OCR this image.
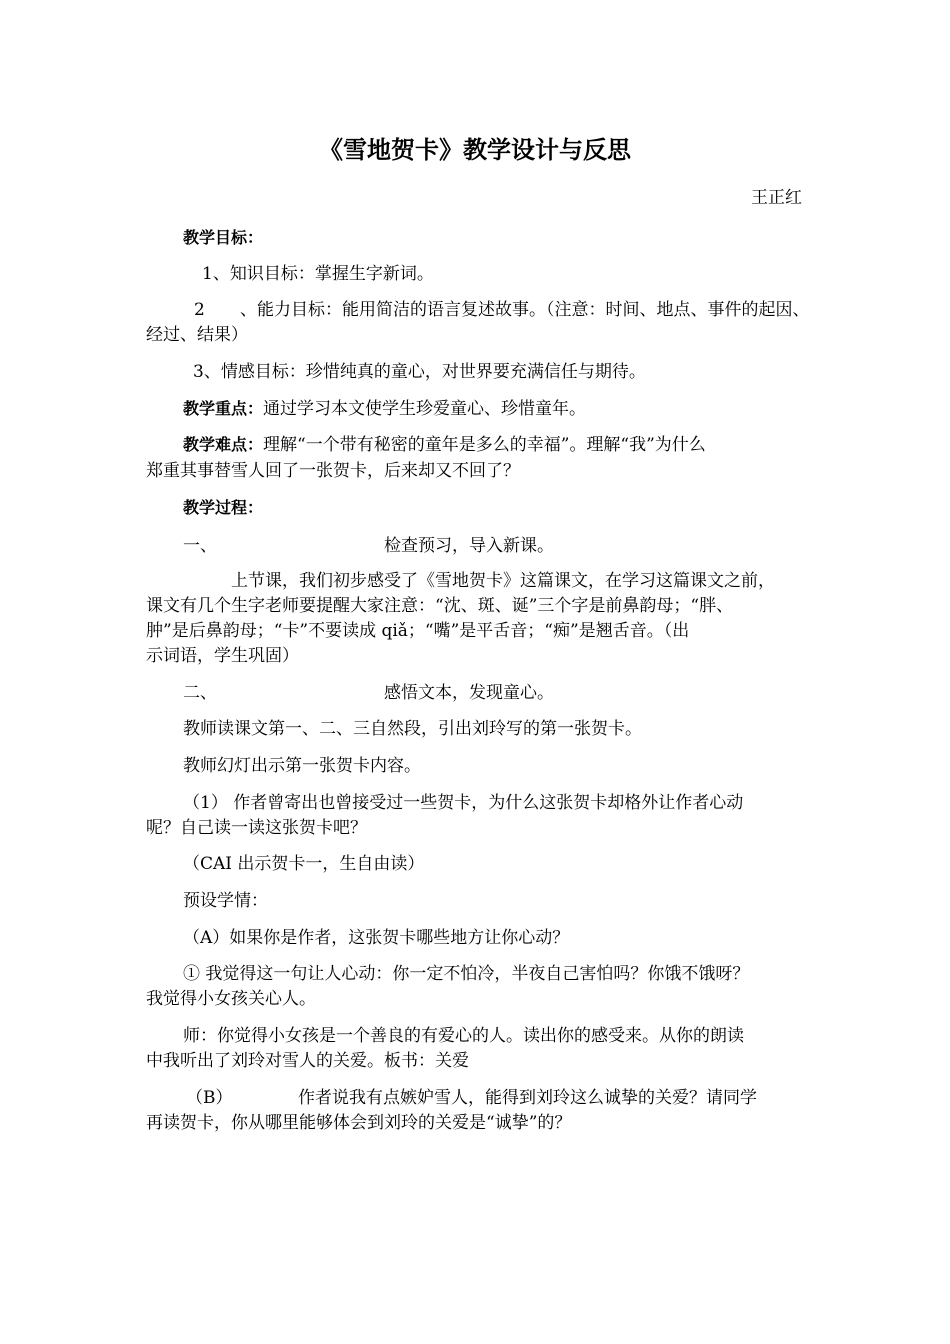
《雪地贺卡》教学设计与反思
王正红
教学目标：
1、知识目标：掌握生字新词。
2 、能力目标：能用简洁的语言复述故事。（注意：时间、地点、事件的起因、
经过、结果）
3、情感目标：珍惜纯真的童心，对世界要充满信任与期待。
教学重点：通过学习本文使学生珍爱童心、珍惜童年。
教学难点：理解“一个带有秘密的童年是多么的幸福”。理解“我”为什么
郑重其事替雪人回了一张贺卡，后来却又不回了？
教学过程：
一、	检查预习，导入新课。
上节课，我们初步感受了《雪地贺卡》这篇课文，在学习这篇课文之前，
课文有几个生字老师要提醒大家注意：“沈、斑、诞”三个字是前鼻韵母；“胖、
肿”是后鼻韵母；“卡”不要读成 qiǎ；“嘴”是平舌音；“痴”是翘舌音。（出
示词语，学生巩固）
二、	感悟文本，发现童心。
教师读课文第一、二、三自然段，引出刘玲写的第一张贺卡。
教师幻灯出示第一张贺卡内容。
（1） 作者曾寄出也曾接受过一些贺卡，为什么这张贺卡却格外让作者心动
呢？自己读一读这张贺卡吧？
（CAI 出示贺卡一，生自由读）
预设学情：
（A）如果你是作者，这张贺卡哪些地方让你心动？
① 我觉得这一句让人心动：你一定不怕冷，半夜自己害怕吗？你饿不饿呀？
我觉得小女孩关心人。
师：你觉得小女孩是一个善良的有爱心的人。读出你的感受来。从你的朗读
中我听出了刘玲对雪人的关爱。板书：关爱
（B）	作者说我有点嫉妒雪人，能得到刘玲这么诚挚的关爱？请同学
再读贺卡，你从哪里能够体会到刘玲的关爱是“诚挚”的？
